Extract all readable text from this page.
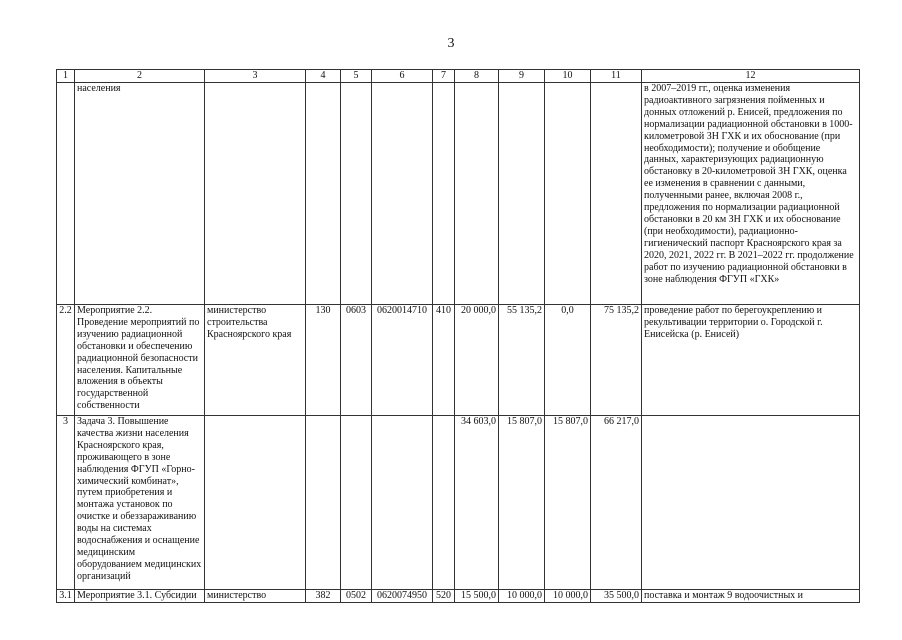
3
1	2	3	4	5	6	7	8	9	10	11	12
	населения										в 2007–2019 гг., оценка изменения радиоактивного загрязнения пойменных и донных отложений р. Енисей, предложения по нормализации радиационной обстановки в 1000-километровой ЗН ГХК и их обоснование (при необходимости); получение и обобщение данных, характеризующих радиационную обстановку в 20-километровой ЗН ГХК, оценка ее изменения в сравнении с данными, полученными ранее, включая 2008 г., предложения по нормализации радиационной обстановки в 20 км ЗН ГХК и их обоснование (при необходимости), радиационно-гигиенический паспорт Красноярского края за 2020, 2021, 2022 гг. В 2021–2022 гг. продолжение работ по изучению радиационной обстановки в зоне наблюдения ФГУП «ГХК»
2.2	Мероприятие 2.2. Проведение мероприятий по изучению радиационной обстановки и обеспечению радиационной безопасности населения. Капитальные вложения в объекты государственной собственности	министерство строительства Красноярского края	130	0603	0620014710	410	20 000,0	55 135,2	0,0	75 135,2	проведение работ по берегоукреплению и рекультивации территории о. Городской г. Енисейска (р. Енисей)
3	Задача 3. Повышение качества жизни населения Красноярского края, проживающего в зоне наблюдения ФГУП «Горно-химический комбинат», путем приобретения и монтажа установок по очистке и обеззараживанию воды на системах водоснабжения и оснащение медицинским оборудованием медицинских организаций						34 603,0	15 807,0	15 807,0	66 217,0	
3.1	Мероприятие 3.1. Субсидии	министерство	382	0502	0620074950	520	15 500,0	10 000,0	10 000,0	35 500,0	поставка и монтаж 9 водоочистных и
